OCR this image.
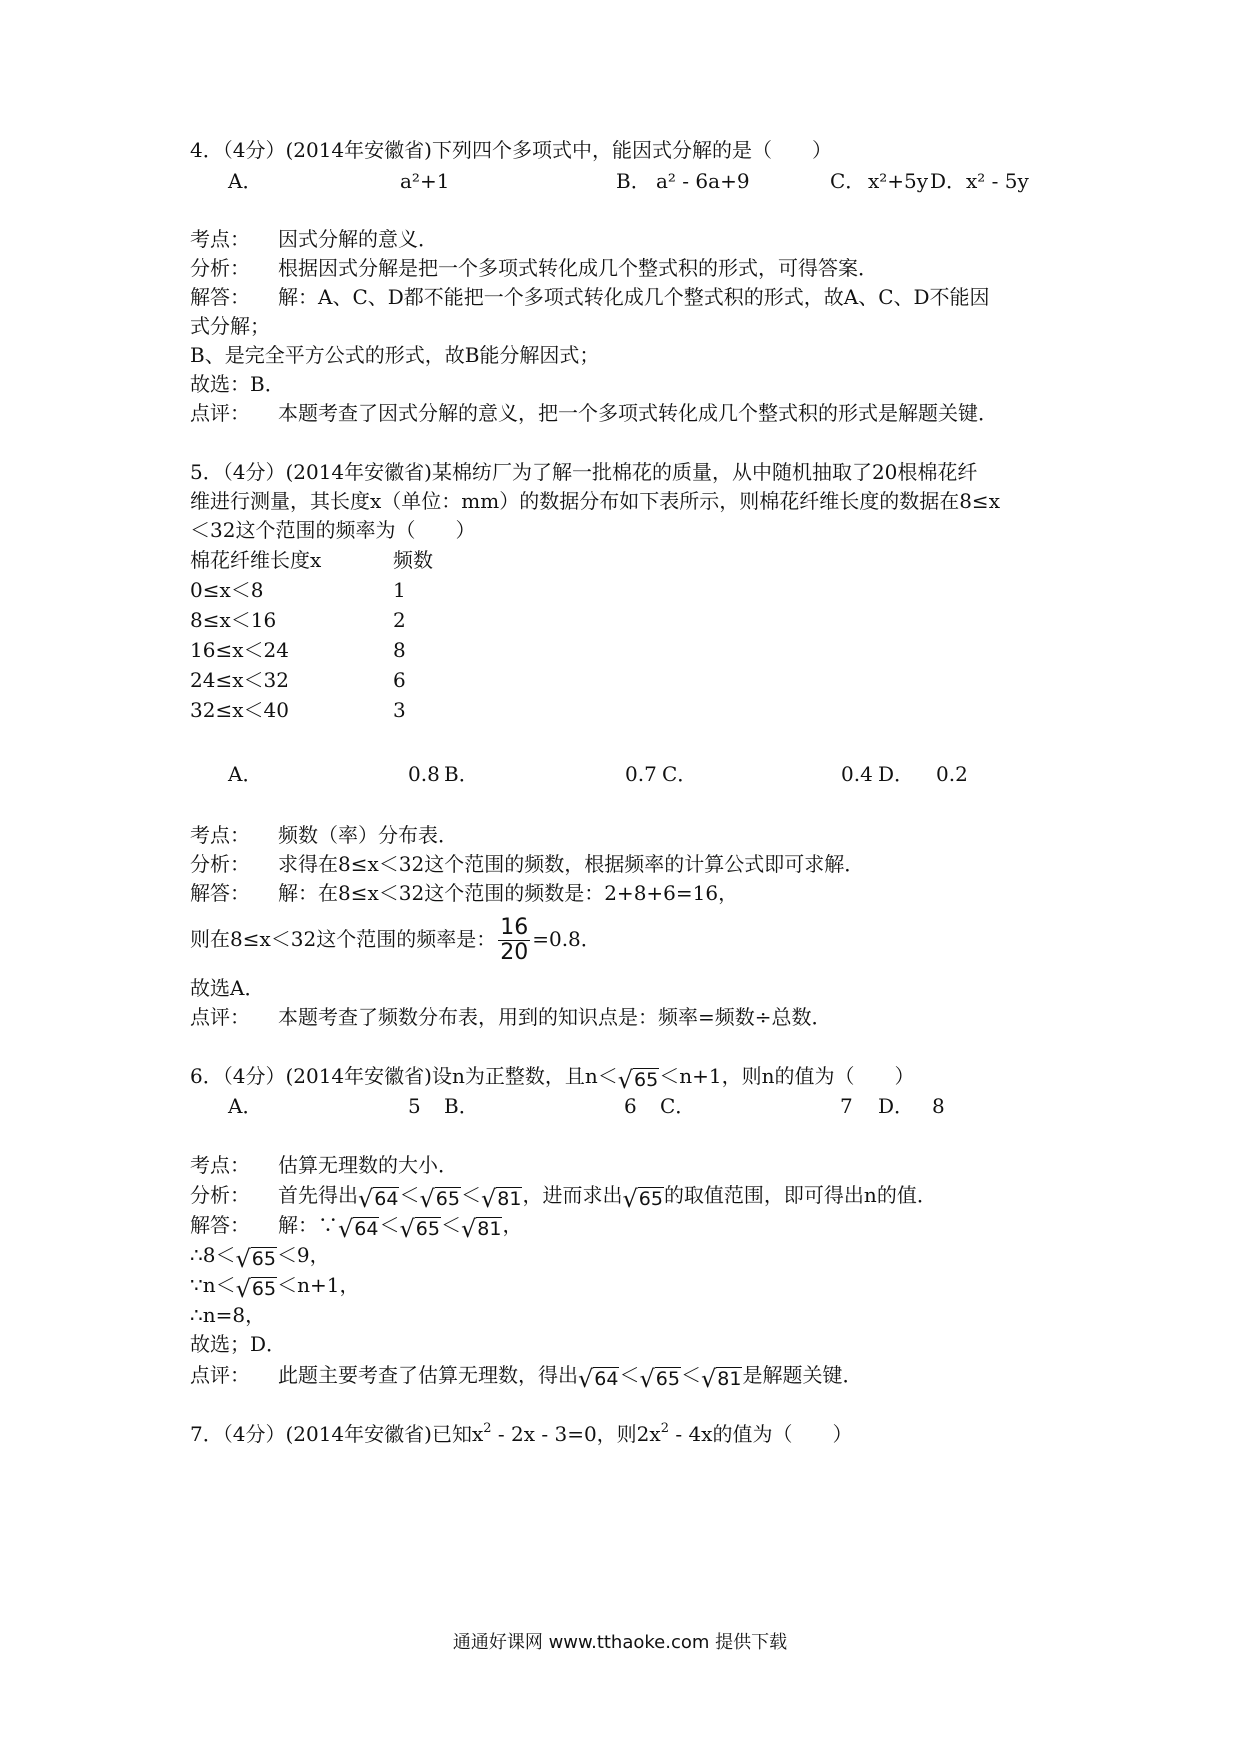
4．（4分）(2014年安徽省)下列四个多项式中，能因式分解的是（　　）
A．	a²+1	B． a² - 6a+9	C． x²+5y D． x² - 5y
考点： 因式分解的意义．
分析： 根据因式分解是把一个多项式转化成几个整式积的形式，可得答案．
解答： 解：A、C、D都不能把一个多项式转化成几个整式积的形式，故A、C、D不能因
式分解；
B、是完全平方公式的形式，故B能分解因式；
故选：B．
点评： 本题考查了因式分解的意义，把一个多项式转化成几个整式积的形式是解题关键．
5．（4分）(2014年安徽省)某棉纺厂为了解一批棉花的质量，从中随机抽取了20根棉花纤
维进行测量，其长度x（单位：mm）的数据分布如下表所示，则棉花纤维长度的数据在8≤x
＜32这个范围的频率为（　　）
棉花纤维长度x	频数
0≤x＜8	1
8≤x＜16	2
16≤x＜24	8
24≤x＜32	6
32≤x＜40	3
A．	0.8 B．	0.7 C．	0.4 D． 0.2
考点： 频数（率）分布表．
分析： 求得在8≤x＜32这个范围的频数，根据频率的计算公式即可求解．
解答： 解：在8≤x＜32这个范围的频数是：2+8+6=16，
则在8≤x＜32这个范围的频率是： $\frac{16}{20} =0.8$．
故选A．
点评： 本题考查了频数分布表，用到的知识点是：频率=频数÷总数．
6．（4分）(2014年安徽省)设n为正整数，且n＜ √ 65 ＜n+1，则n的值为（　　）
A．	5 B．	6 C．	7 D． 8
考点： 估算无理数的大小．
分析： 首先得出 √ 64 ＜ √ 65 ＜ √ 81 ，进而求出 √ 65 的取值范围，即可得出n的值．
解答： 解：∵ √ 64 ＜ √ 65 ＜ √ 81 ，
∴8＜ √ 65 ＜9，
∵n＜ √ 65 ＜n+1，
∴n=8，
故选；D．
点评： 此题主要考查了估算无理数，得出 √ 64 ＜ √ 65 ＜ √ 81 是解题关键．
7．（4分）(2014年安徽省)已知$x^2 - 2x - 3=0$，则$2x^2 - 4x$的值为（　　）
通通好课网 www.tthaoke.com 提供下载
